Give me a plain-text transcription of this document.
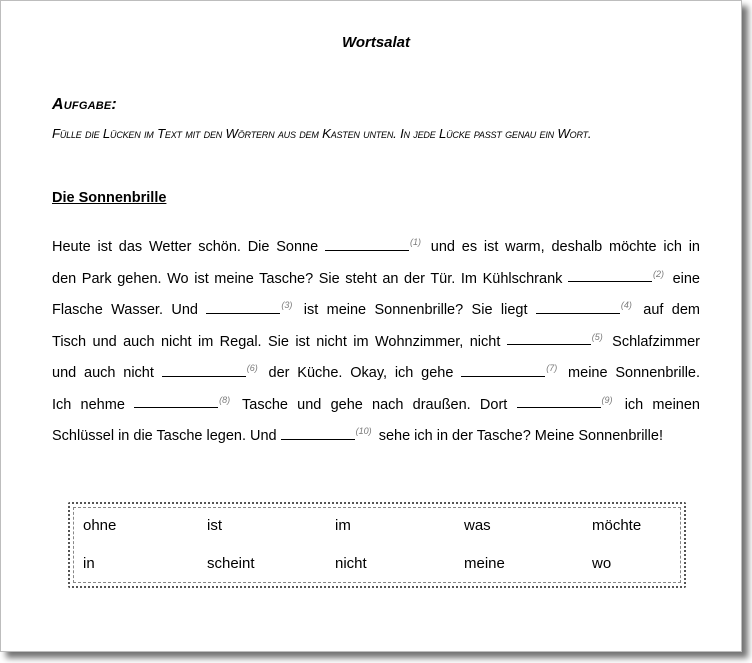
Wortsalat
Aufgabe:
Fülle die Lücken im Text mit den Wörtern aus dem Kasten unten. In jede Lücke passt genau ein Wort.
Die Sonnenbrille
Heute ist das Wetter schön. Die Sonne	$^{(1)}$ und es ist warm, deshalb möchte ich in
den Park gehen. Wo ist meine Tasche? Sie steht an der Tür. Im Kühlschrank	$^{(2)}$ eine
Flasche Wasser. Und	$^{(3)}$ ist meine Sonnenbrille? Sie liegt	$^{(4)}$ auf dem
Tisch und auch nicht im Regal. Sie ist nicht im Wohnzimmer, nicht	$^{(5)}$ Schlafzimmer
und auch nicht	$^{(6)}$ der Küche. Okay, ich gehe	$^{(7)}$ meine Sonnenbrille.
Ich nehme	$^{(8)}$ Tasche und gehe nach draußen. Dort	$^{(9)}$ ich meinen
Schlüssel in die Tasche legen. Und	$^{(10)}$ sehe ich in der Tasche? Meine Sonnenbrille!
ohne	ist	im	was	möchte
in	scheint	nicht	meine	wo
